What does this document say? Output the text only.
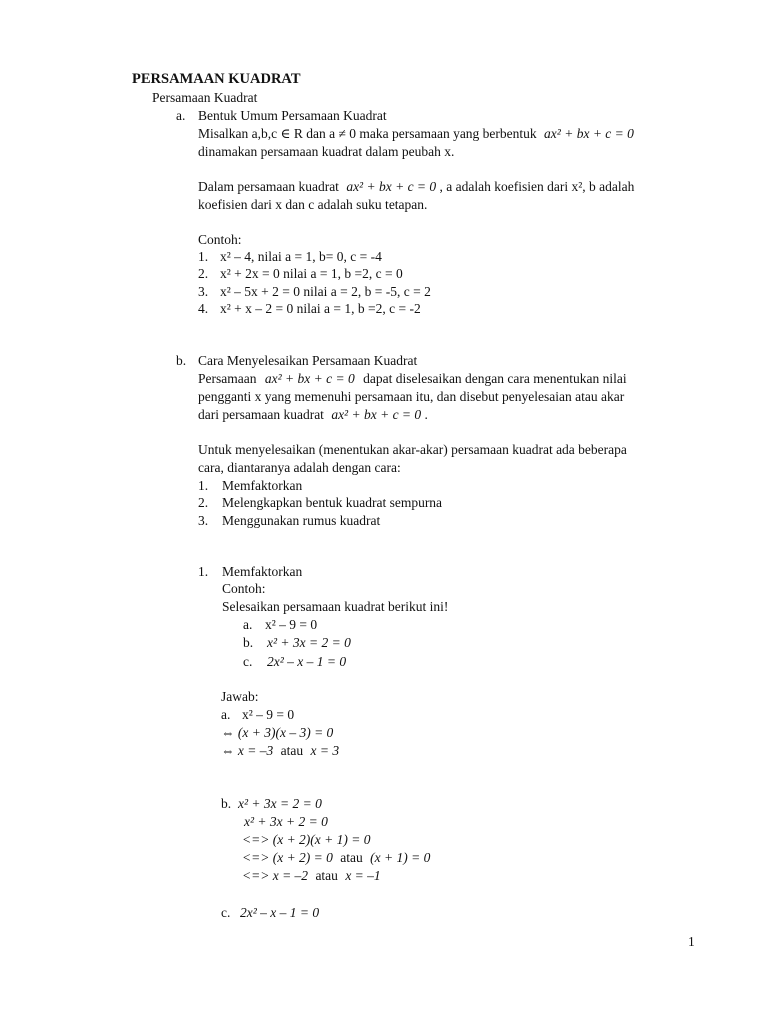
PERSAMAAN KUADRAT
Persamaan Kuadrat
a. Bentuk Umum Persamaan Kuadrat
Misalkan a,b,c ∈ R dan a ≠ 0 maka persamaan yang berbentuk ax² + bx + c = 0
dinamakan persamaan kuadrat dalam peubah x.
Dalam persamaan kuadrat ax² + bx + c = 0 , a adalah koefisien dari x², b adalah
koefisien dari x dan c adalah suku tetapan.
Contoh:
1. x² – 4, nilai a = 1, b= 0, c = -4
2. x² + 2x = 0 nilai a = 1, b =2, c = 0
3. x² – 5x + 2 = 0 nilai a = 2, b = -5, c = 2
4. x² + x – 2 = 0 nilai a = 1, b =2, c = -2
b. Cara Menyelesaikan Persamaan Kuadrat
Persamaan ax² + bx + c = 0 dapat diselesaikan dengan cara menentukan nilai
pengganti x yang memenuhi persamaan itu, dan disebut penyelesaian atau akar
dari persamaan kuadrat ax² + bx + c = 0 .
Untuk menyelesaikan (menentukan akar-akar) persamaan kuadrat ada beberapa
cara, diantaranya adalah dengan cara:
1. Memfaktorkan
2. Melengkapkan bentuk kuadrat sempurna
3. Menggunakan rumus kuadrat
1. Memfaktorkan
Contoh:
Selesaikan persamaan kuadrat berikut ini!
a. x² – 9 = 0
b. x² + 3x = 2 = 0
c. 2x² – x – 1 = 0
Jawab:
a. x² – 9 = 0
⇔ (x + 3)(x – 3) = 0
⇔ x = –3 atau x = 3
b. x² + 3x = 2 = 0
x² + 3x + 2 = 0
<=> (x + 2)(x + 1) = 0
<=> (x + 2) = 0 atau (x + 1) = 0
<=> x = –2 atau x = –1
c. 2x² – x – 1 = 0
1
